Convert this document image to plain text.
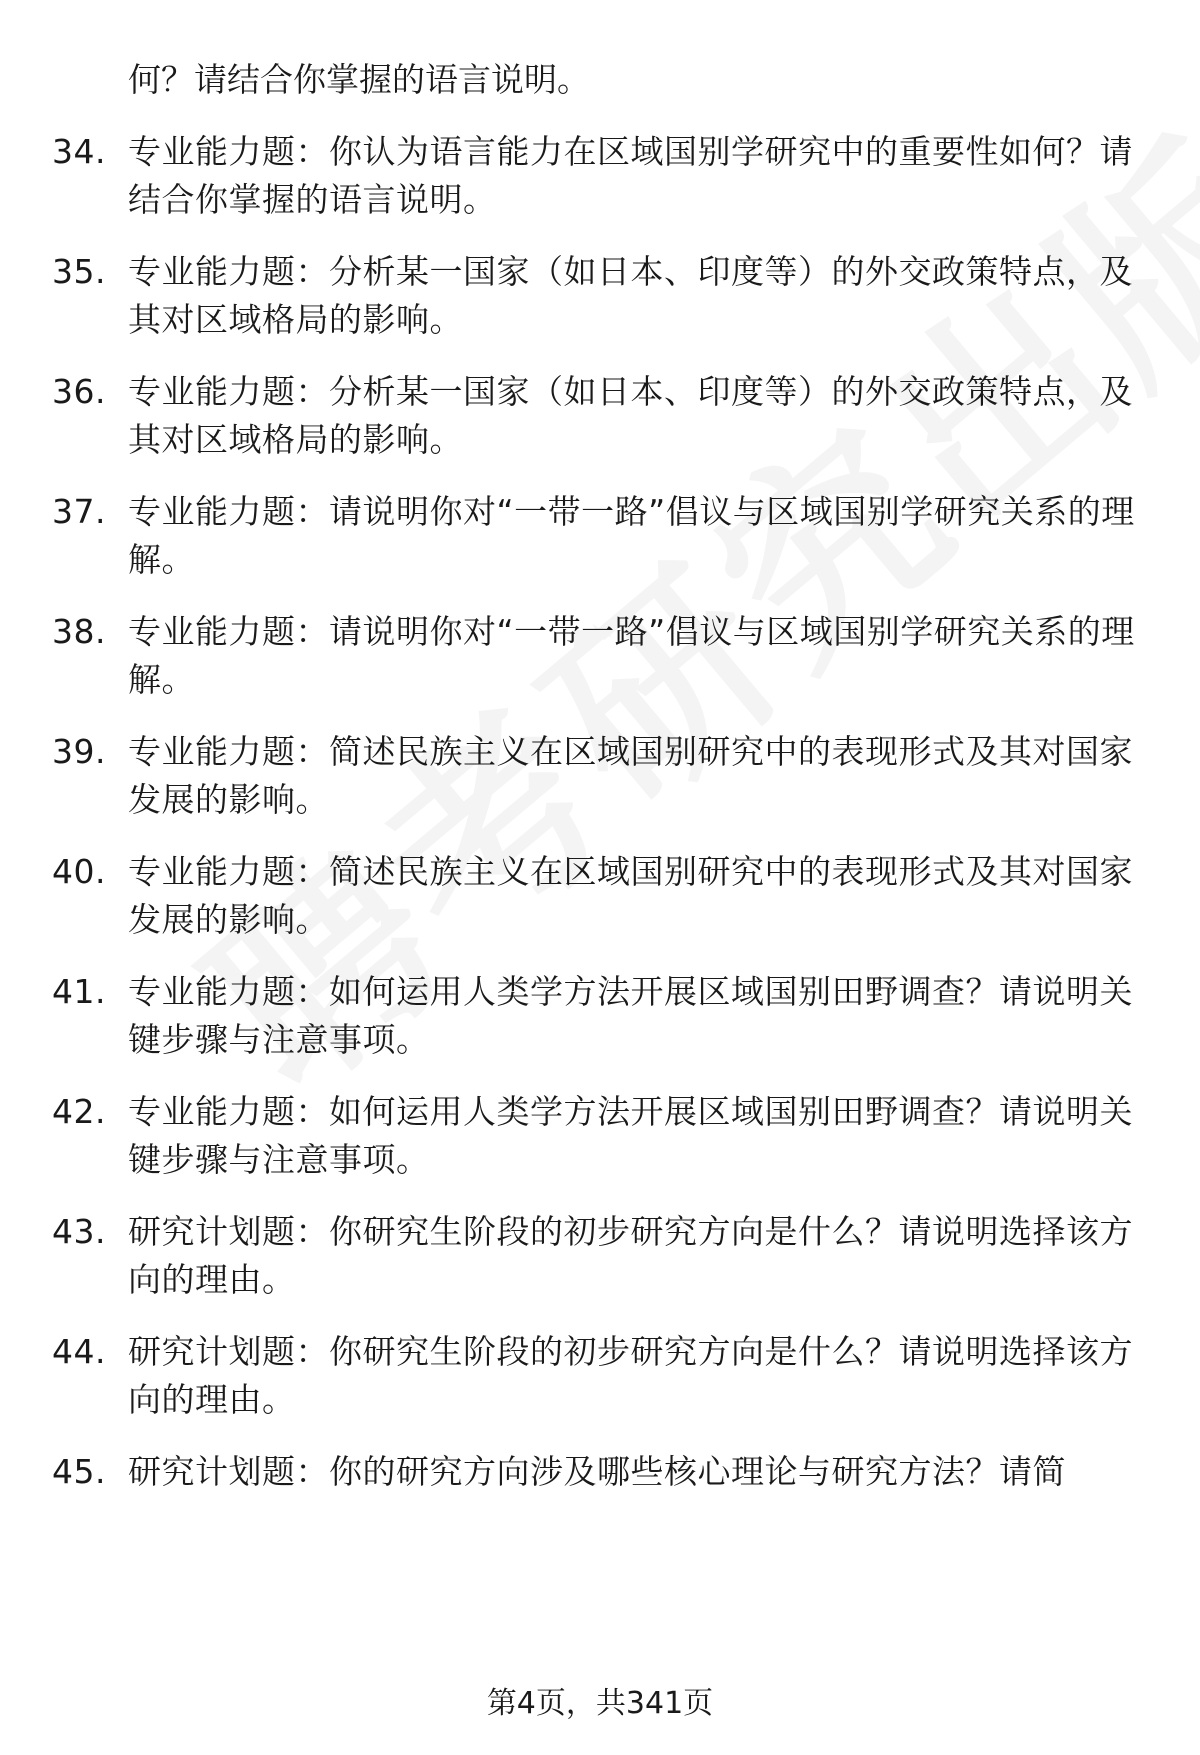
何？请结合你掌握的语言说明。
34. 专业能力题：你认为语言能力在区域国别学研究中的重要性如何？请结合你掌握的语言说明。
35. 专业能力题：分析某一国家（如日本、印度等）的外交政策特点，及其对区域格局的影响。
36. 专业能力题：分析某一国家（如日本、印度等）的外交政策特点，及其对区域格局的影响。
37. 专业能力题：请说明你对“一带一路”倡议与区域国别学研究关系的理解。
38. 专业能力题：请说明你对“一带一路”倡议与区域国别学研究关系的理解。
39. 专业能力题：简述民族主义在区域国别研究中的表现形式及其对国家发展的影响。
40. 专业能力题：简述民族主义在区域国别研究中的表现形式及其对国家发展的影响。
41. 专业能力题：如何运用人类学方法开展区域国别田野调查？请说明关键步骤与注意事项。
42. 专业能力题：如何运用人类学方法开展区域国别田野调查？请说明关键步骤与注意事项。
43. 研究计划题：你研究生阶段的初步研究方向是什么？请说明选择该方向的理由。
44. 研究计划题：你研究生阶段的初步研究方向是什么？请说明选择该方向的理由。
45. 研究计划题：你的研究方向涉及哪些核心理论与研究方法？请简
第4页，共341页
